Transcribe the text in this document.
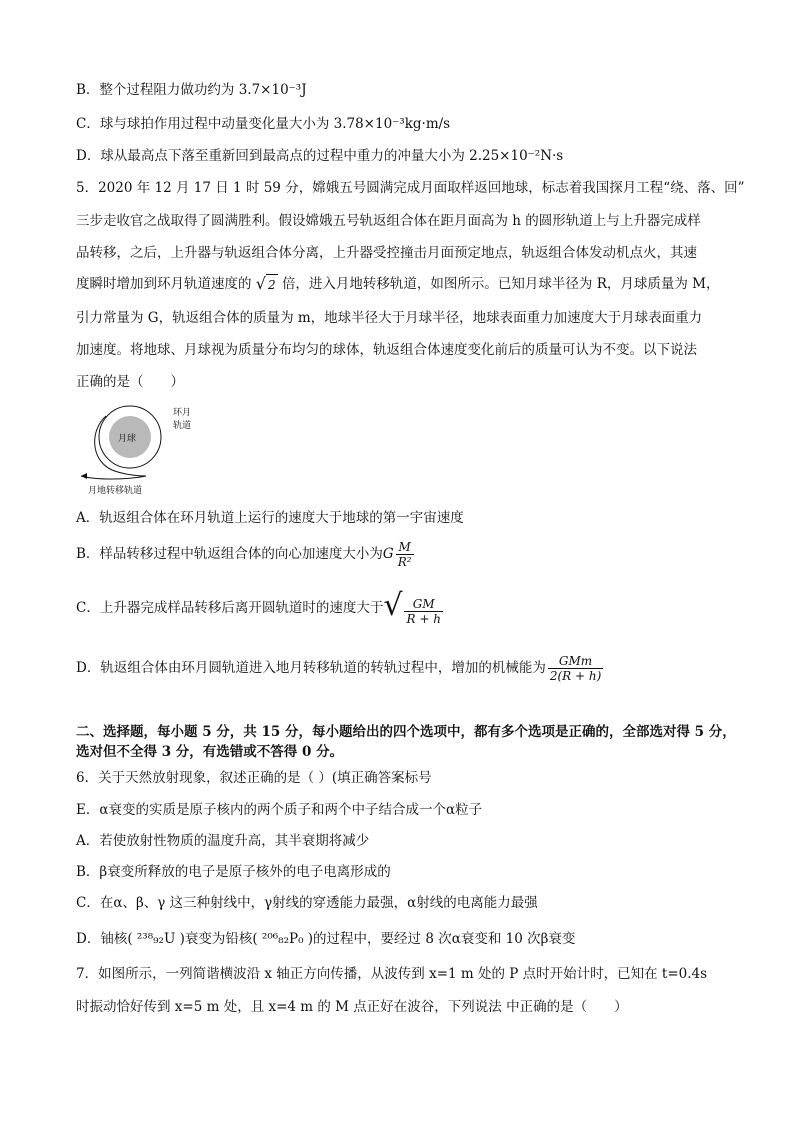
B．整个过程阻力做功约为 3.7×10⁻³J
C．球与球拍作用过程中动量变化量大小为 3.78×10⁻³kg·m/s
D．球从最高点下落至重新回到最高点的过程中重力的冲量大小为 2.25×10⁻²N·s
5．2020 年 12 月 17 日 1 时 59 分，嫦娥五号圆满完成月面取样返回地球，标志着我国探月工程“绕、落、回”
三步走收官之战取得了圆满胜利。假设嫦娥五号轨返组合体在距月面高为 h 的圆形轨道上与上升器完成样
品转移，之后，上升器与轨返组合体分离，上升器受控撞击月面预定地点，轨返组合体发动机点火，其速
度瞬时增加到环月轨道速度的 √ 2 倍，进入月地转移轨道，如图所示。已知月球半径为 R，月球质量为 M，
引力常量为 G，轨返组合体的质量为 m，地球半径大于月球半径，地球表面重力加速度大于月球表面重力
加速度。将地球、月球视为质量分布均匀的球体，轨返组合体速度变化前后的质量可认为不变。以下说法
正确的是（　　）
月球
环月
轨道
月地转移轨道
A．轨返组合体在环月轨道上运行的速度大于地球的第一宇宙速度
B．样品转移过程中轨返组合体的向心加速度大小为G $\frac{M}{\text{R²}}$
C．上升器完成样品转移后离开圆轨道时的速度大于√ $\frac{GM}{R + h}$
D．轨返组合体由环月圆轨道进入地月转移轨道的转轨过程中，增加的机械能为 $\frac{\text{GMm}}{2(R + h)}$
二、选择题，每小题 5 分，共 15 分，每小题给出的四个选项中，都有多个选项是正确的，全部选对得 5 分，
选对但不全得 3 分，有选错或不答得 0 分。
6．关于天然放射现象，叙述正确的是（ ）(填正确答案标号
E．α衰变的实质是原子核内的两个质子和两个中子结合成一个α粒子
A．若使放射性物质的温度升高，其半衰期将减少
B．β衰变所释放的电子是原子核外的电子电离形成的
C．在α、β、γ 这三种射线中，γ射线的穿透能力最强，α射线的电离能力最强
D．铀核( ²³⁸₉₂U )衰变为铅核( ²⁰⁶₈₂P₀ )的过程中，要经过 8 次α衰变和 10 次β衰变
7．如图所示，一列简谐横波沿 x 轴正方向传播，从波传到 x=1 m 处的 P 点时开始计时，已知在 t=0.4s
时振动恰好传到 x=5 m 处，且 x=4 m 的 M 点正好在波谷，下列说法 中正确的是（　　）
